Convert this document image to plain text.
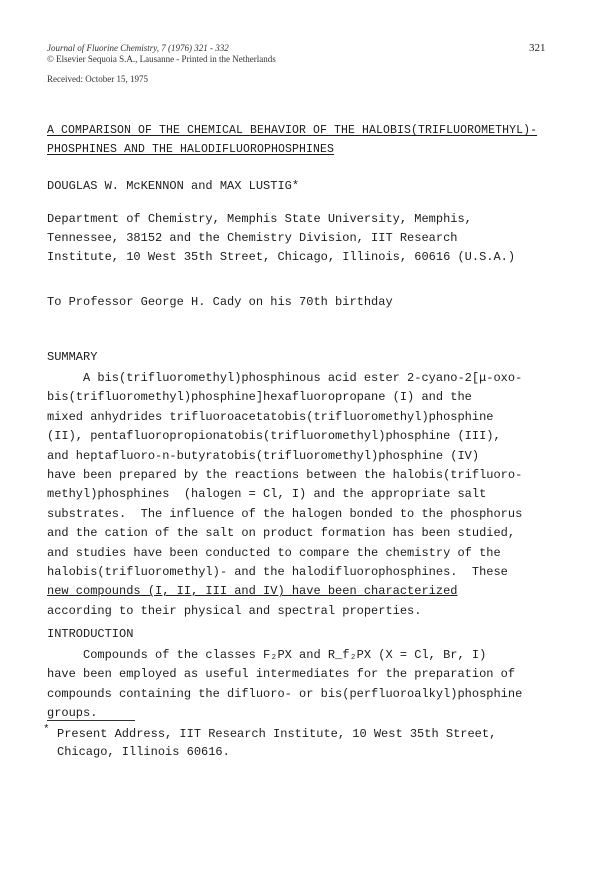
Journal of Fluorine Chemistry, 7 (1976) 321 - 332
© Elsevier Sequoia S.A., Lausanne - Printed in the Netherlands
321
Received: October 15, 1975
A COMPARISON OF THE CHEMICAL BEHAVIOR OF THE HALOBIS(TRIFLUOROMETHYL)-
PHOSPHINES AND THE HALODIFLUOROPHOSPHINES
DOUGLAS W. McKENNON and MAX LUSTIG*
Department of Chemistry, Memphis State University, Memphis,
Tennessee, 38152 and the Chemistry Division, IIT Research
Institute, 10 West 35th Street, Chicago, Illinois, 60616 (U.S.A.)
To Professor George H. Cady on his 70th birthday
SUMMARY
A bis(trifluoromethyl)phosphinous acid ester 2-cyano-2[μ-oxo-
bis(trifluoromethyl)phosphine]hexafluoropropane (I) and the
mixed anhydrides trifluoroacetatobis(trifluoromethyl)phosphine
(II), pentafluoropropionatobis(trifluoromethyl)phosphine (III),
and heptafluoro-n-butyratobis(trifluoromethyl)phosphine (IV)
have been prepared by the reactions between the halobis(trifluoro-
methyl)phosphines  (halogen = Cl, I) and the appropriate salt
substrates.  The influence of the halogen bonded to the phosphorus
and the cation of the salt on product formation has been studied,
and studies have been conducted to compare the chemistry of the
halobis(trifluoromethyl)- and the halodifluorophosphines.  These
new compounds (I, II, III and IV) have been characterized
according to their physical and spectral properties.
INTRODUCTION
Compounds of the classes F₂PX and R_f₂PX (X = Cl, Br, I)
have been employed as useful intermediates for the preparation of
compounds containing the difluoro- or bis(perfluoroalkyl)phosphine
groups.
* Present Address, IIT Research Institute, 10 West 35th Street,
Chicago, Illinois 60616.
